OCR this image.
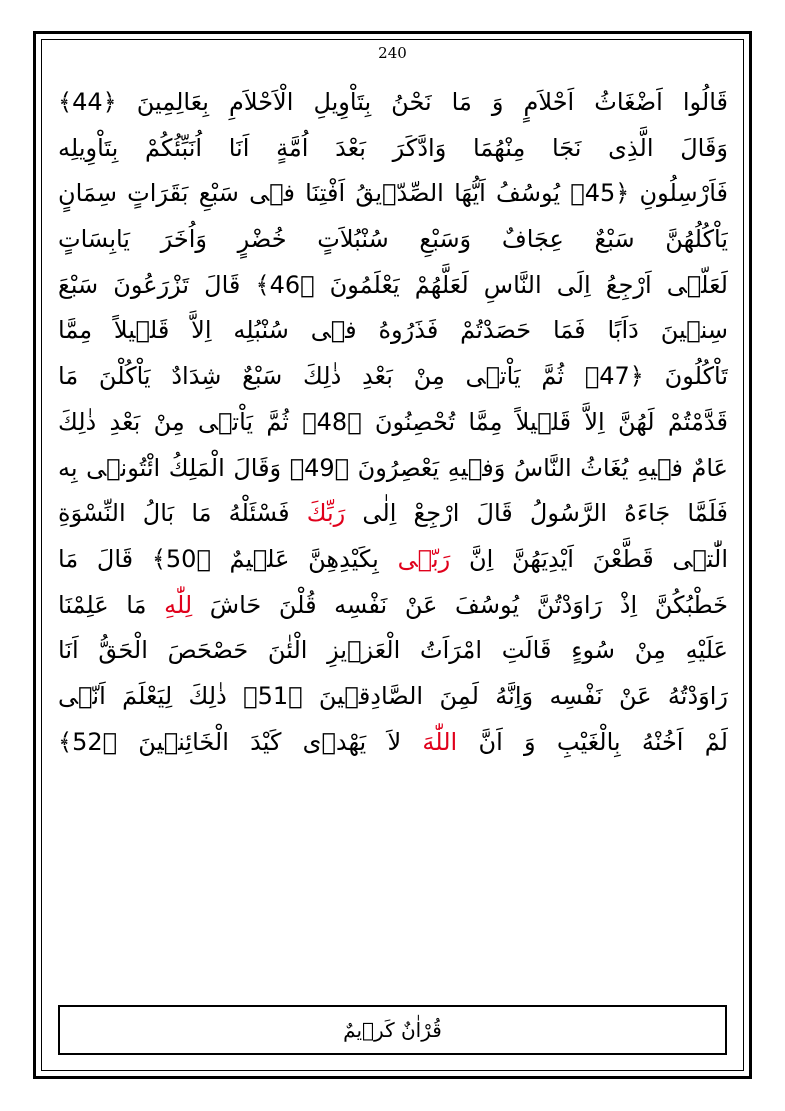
240
قَالُوا اَضْغَاثُ اَحْلاَمٍ وَ مَا نَحْنُ بِتَاْوِيلِ الْاَحْلاَمِ بِعَالِمِينَ ﴿44﴾
وَقَالَ الَّذِى نَجَا مِنْهُمَا وَادَّكَرَ بَعْدَ اُمَّةٍ اَنَا اُنَبِّئُكُمْ بِتَاْوِيلِه
فَاَرْسِلُونِ ﴿45﴾ يُوسُفُ اَيُّهَا الصِّدّٖيقُ اَفْتِنَا فٖى سَبْعِ بَقَرَاتٍ سِمَانٍ
يَاْكُلُهُنَّ سَبْعٌ عِجَافٌ وَسَبْعِ سُنْبُلاَتٍ خُضْرٍ وَاُخَرَ يَابِسَاتٍ
لَعَلّٖى اَرْجِعُ اِلَى النَّاسِ لَعَلَّهُمْ يَعْلَمُونَ ﴿46﴾ قَالَ تَزْرَعُونَ سَبْعَ
سِنٖينَ دَاَبًا فَمَا حَصَدْتُمْ فَذَرُوهُ فٖى سُنْبُلِه اِلاَّ قَلٖيلاً مِمَّا
تَاْكُلُونَ ﴿47﴾ ثُمَّ يَاْتٖى مِنْ بَعْدِ ذٰلِكَ سَبْعٌ شِدَادٌ يَاْكُلْنَ مَا
قَدَّمْتُمْ لَهُنَّ اِلاَّ قَلٖيلاً مِمَّا تُحْصِنُونَ ﴿48﴾ ثُمَّ يَاْتٖى مِنْ بَعْدِ ذٰلِكَ
عَامٌ فٖيهِ يُغَاثُ النَّاسُ وَفٖيهِ يَعْصِرُونَ ﴿49﴾ وَقَالَ الْمَلِكُ ائْتُونٖى بِه
فَلَمَّا جَاءَهُ الرَّسُولُ قَالَ ارْجِعْ اِلٰى رَبِّكَ فَسْئَلْهُ مَا بَالُ النِّسْوَةِ
الّٰتٖى قَطَّعْنَ اَيْدِيَهُنَّ اِنَّ رَبّٖى بِكَيْدِهِنَّ عَلٖيمٌ ﴿50﴾ قَالَ مَا
خَطْبُكُنَّ اِذْ رَاوَدْتُنَّ يُوسُفَ عَنْ نَفْسِه قُلْنَ حَاشَ لِلّٰهِ مَا عَلِمْنَا
عَلَيْهِ مِنْ سُوءٍ قَالَتِ امْرَاَتُ الْعَزٖيزِ الْئٰنَ حَصْحَصَ الْحَقُّ اَنَا
رَاوَدْتُهُ عَنْ نَفْسِه وَاِنَّهُ لَمِنَ الصَّادِقٖينَ ﴿51﴾ ذٰلِكَ لِيَعْلَمَ اَنّٖى
لَمْ اَخُنْهُ بِالْغَيْبِ وَ اَنَّ اللّٰهَ لاَ يَهْدٖى كَيْدَ الْخَائِنٖينَ ﴿52﴾
قُرْاٰنٌ كَرٖيمٌ
